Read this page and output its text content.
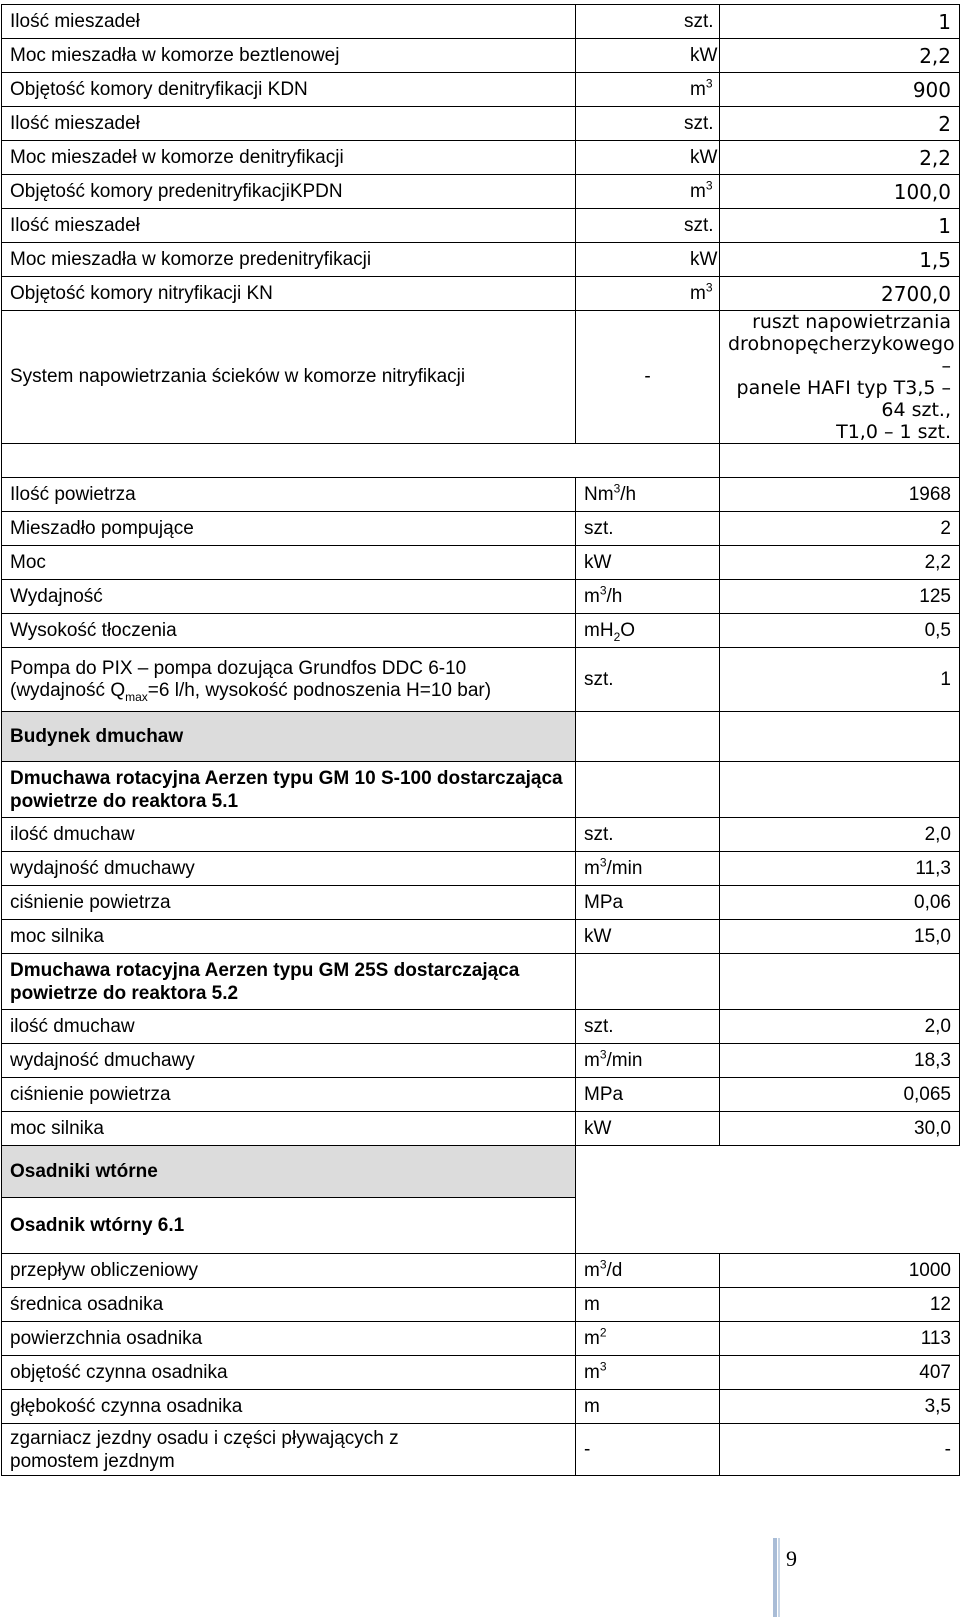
Ilość mieszadeł	szt.	1
Moc mieszadła w komorze beztlenowej	kW	2,2
Objętość komory denitryfikacji KDN	$m^3$	900
Ilość mieszadeł	szt.	2
Moc mieszadeł w komorze denitryfikacji	kW	2,2
Objętość komory predenitryfikacjiKPDN	$m^3$	100,0
Ilość mieszadeł	szt.	1
Moc mieszadła w komorze predenitryfikacji	kW	1,5
Objętość komory nitryfikacji KN	$m^3$	2700,0
System napowietrzania ścieków w komorze nitryfikacji	-	ruszt napowietrzania
drobnopęcherzykowego –
panele HAFI typ T3,5 – 64 szt.,
T1,0 – 1 szt.

Ilość powietrza	Nm$^3$/h	1968
Mieszadło pompujące	szt.	2
Moc	kW	2,2
Wydajność	$m^3/h$	125
Wysokość tłoczenia	$mH_2O$	0,5

Pompa do PIX – pompa dozująca Grundfos DDC 6-10
(wydajność $Q_{max}=6$ l/h, wysokość podnoszenia H=10 bar)	szt.	1
Budynek dmuchaw		
Dmuchawa rotacyjna Aerzen typu GM 10 S-100 dostarczająca powietrze do reaktora 5.1		
ilość dmuchaw	szt.	2,0
wydajność dmuchawy	$m^3/\min$	11,3
ciśnienie powietrza	MPa	0,06
moc silnika	kW	15,0
Dmuchawa rotacyjna Aerzen typu GM 25S dostarczająca powietrze do reaktora 5.2		
ilość dmuchaw	szt.	2,0
wydajność dmuchawy	$m^3/\min$	18,3
ciśnienie powietrza	MPa	0,065
moc silnika	kW	30,0
Osadniki wtórne		
Osadnik wtórny 6.1		
przepływ obliczeniowy	$m^3/d$	1000
średnica osadnika	m	12
powierzchnia osadnika	$m^2$	113
objętość czynna osadnika	$m^3$	407
głębokość czynna osadnika	m	3,5
zgarniacz jezdny osadu i części pływających z pomostem jezdnym	-	-
9
